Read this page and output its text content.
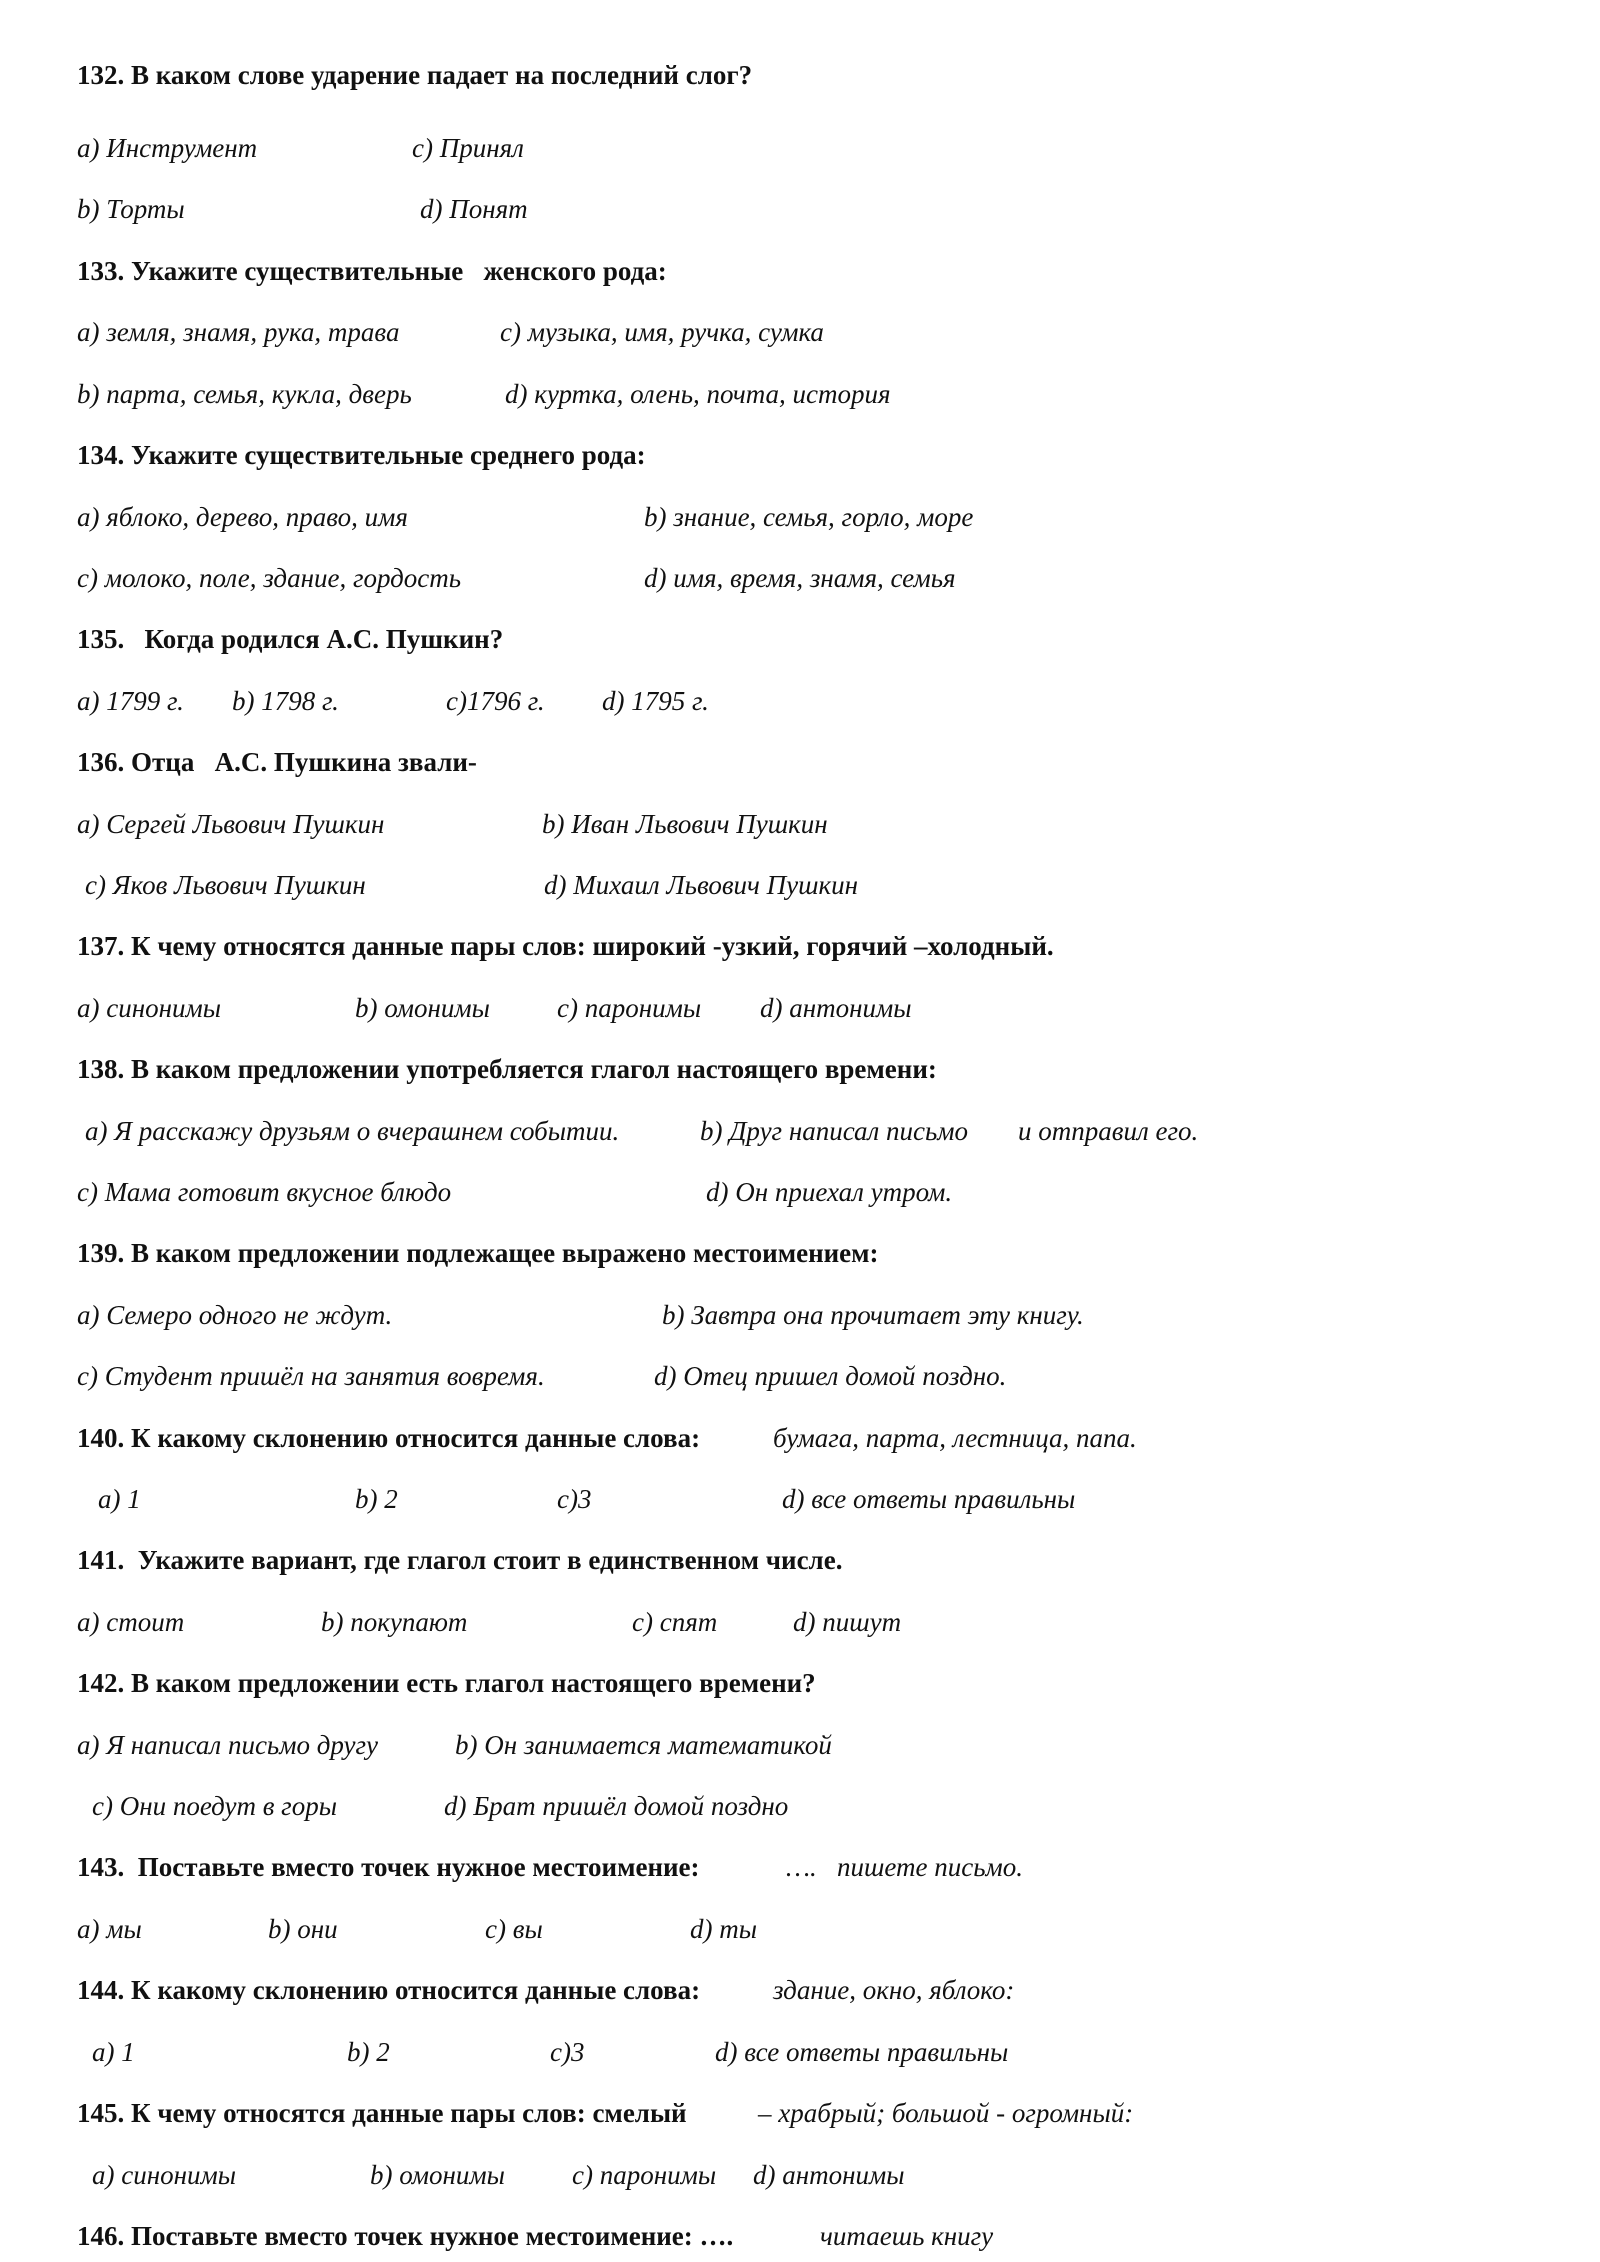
132. В каком слове ударение падает на последний слог?
a) Инструмент	c) Принял
b) Торты	d) Понят
133. Укажите существительные   женского рода:
a) земля, знамя, рука, трава	c) музыка, имя, ручка, сумка
b) парта, семья, кукла, дверь	d) куртка, олень, почта, история
134. Укажите существительные среднего рода:
a) яблоко, дерево, право, имя	b) знание, семья, горло, море
c) молоко, поле, здание, гордость	d) имя, время, знамя, семья
135.   Когда родился А.С. Пушкин?
a) 1799 г. b) 1798 г.	c)1796 г. d) 1795 г.
136. Отца   А.С. Пушкина звали-
a) Сергей Львович Пушкин	b) Иван Львович Пушкин
c) Яков Львович Пушкин	d) Михаил Львович Пушкин
137. К чему относятся данные пары слов: широкий -узкий, горячий –холодный.
a) синонимы	b) омонимы c) паронимы d) антонимы
138. В каком предложении употребляется глагол настоящего времени:
a) Я расскажу друзьям о вчерашнем событии.	b) Друг написал письмо и отправил его.
c) Мама готовит вкусное блюдо	d) Он приехал утром.
139. В каком предложении подлежащее выражено местоимением:
a) Семеро одного не ждут.	b) Завтра она прочитает эту книгу.
c) Студент пришёл на занятия вовремя.	d) Отец пришел домой поздно.
140. К какому склонению относится данные слова:	бумага, парта, лестница, папа.
a) 1	b) 2	c)3	d) все ответы правильны
141.  Укажите вариант, где глагол стоит в единственном числе.
a) стоит	b) покупают	c) спят	d) пишут
142. В каком предложении есть глагол настоящего времени?
a) Я написал письмо другу	b) Он занимается математикой
c) Они поедут в горы	d) Брат пришёл домой поздно
143.  Поставьте вместо точек нужное местоимение:	….   пишете письмо.
a) мы	b) они	c) вы	d) ты
144. К какому склонению относится данные слова:	здание, окно, яблоко:
a) 1	b) 2	c)3	d) все ответы правильны
145. К чему относятся данные пары слов: смелый	– храбрый; большой - огромный:
a) синонимы	b) омонимы c) паронимы d) антонимы
146. Поставьте вместо точек нужное местоимение: ….	читаешь книгу
